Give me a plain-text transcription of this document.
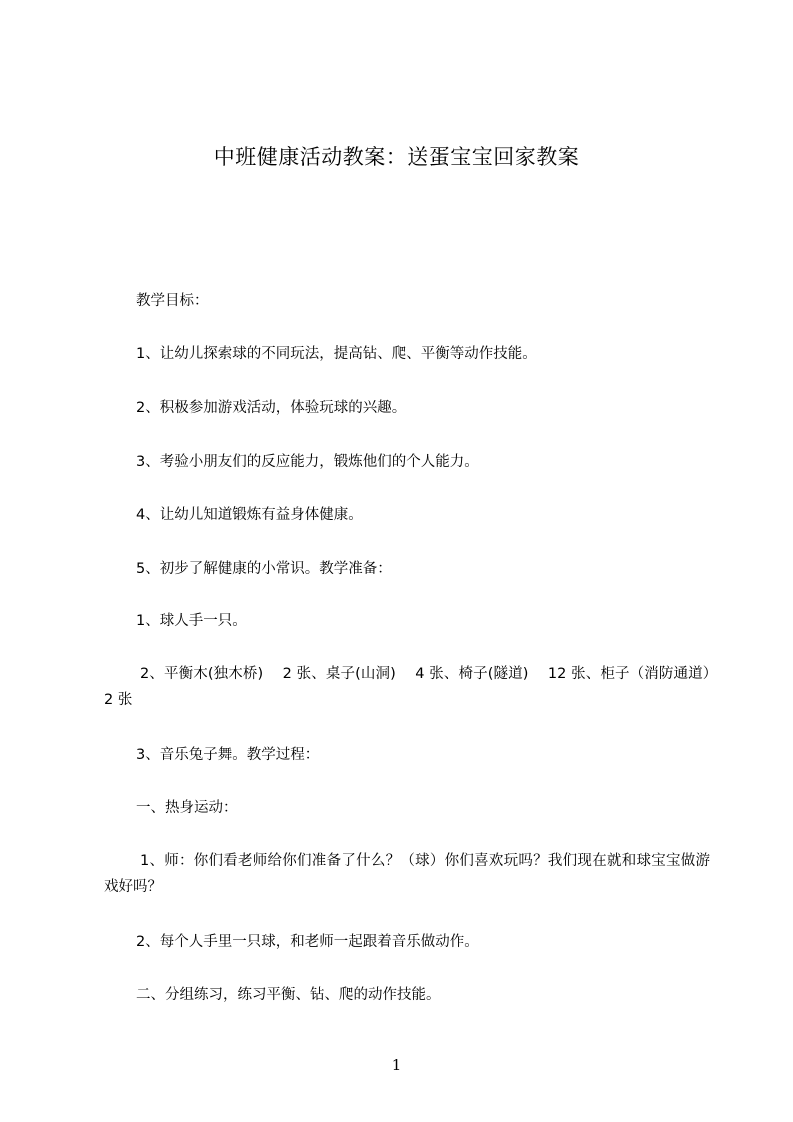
中班健康活动教案：送蛋宝宝回家教案
教学目标：
1、让幼儿探索球的不同玩法，提高钻、爬、平衡等动作技能。
2、积极参加游戏活动，体验玩球的兴趣。
3、考验小朋友们的反应能力，锻炼他们的个人能力。
4、让幼儿知道锻炼有益身体健康。
5、初步了解健康的小常识。教学准备：
1、球人手一只。
2、平衡木(独木桥)　 2 张、桌子(山洞)　 4 张、椅子(隧道)　 12 张、柜子（消防通道）2 张
3、音乐兔子舞。教学过程：
一、热身运动：
1、师：你们看老师给你们准备了什么？（球）你们喜欢玩吗？我们现在就和球宝宝做游戏好吗？
2、每个人手里一只球，和老师一起跟着音乐做动作。
二、分组练习，练习平衡、钻、爬的动作技能。
1
